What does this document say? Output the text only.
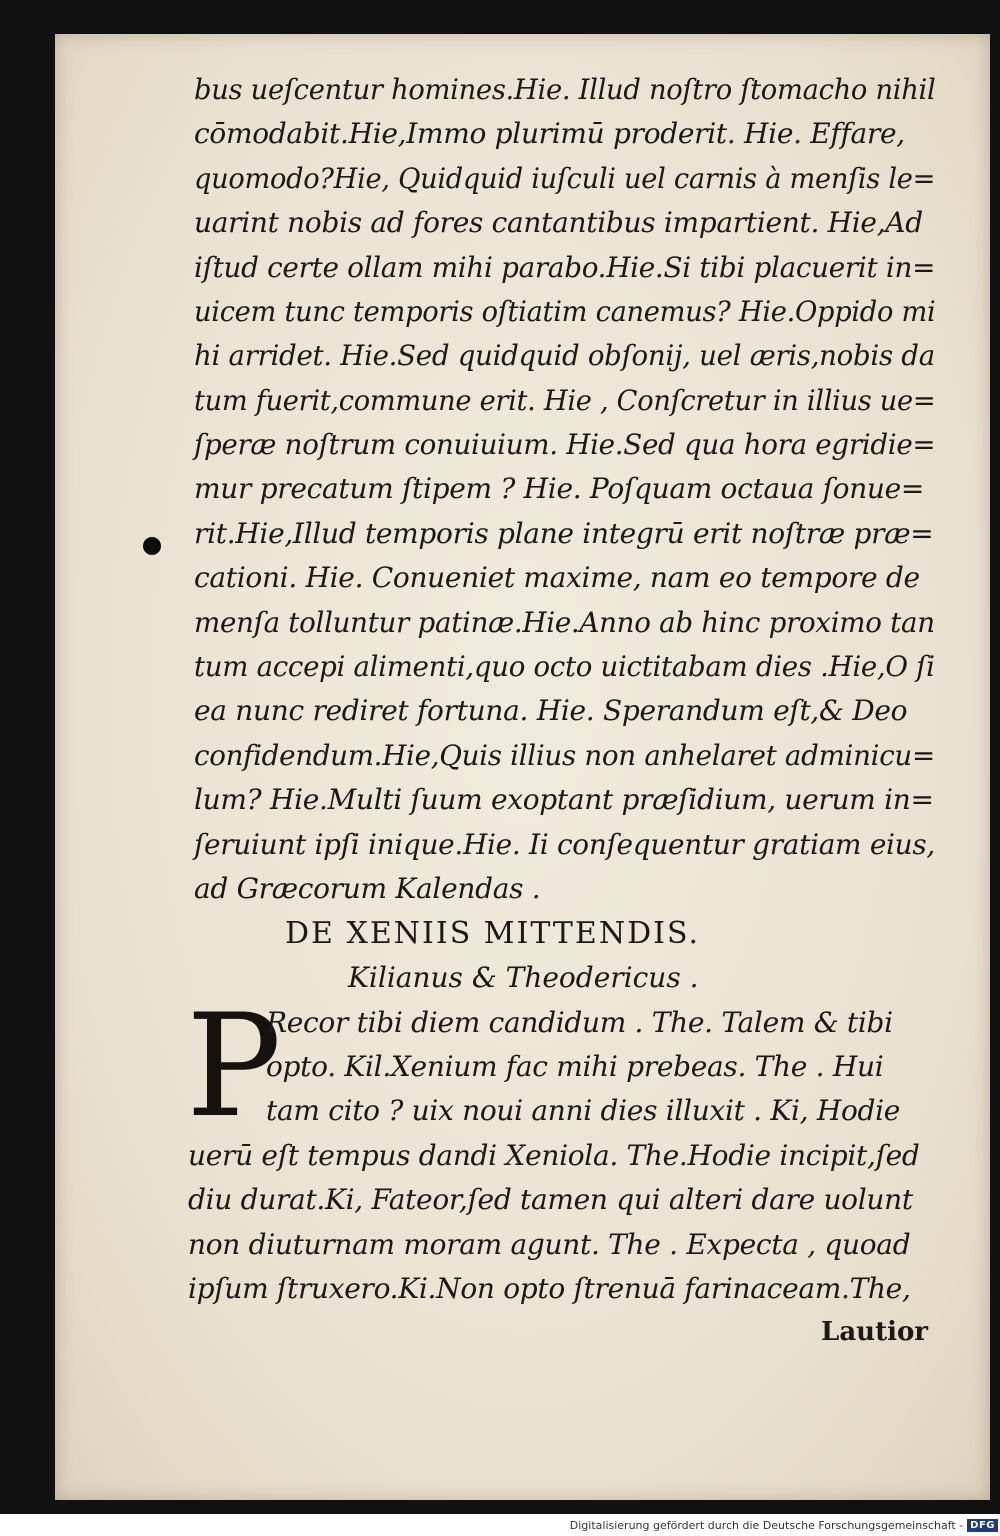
bus ueſcentur homines.Hie. Illud noſtro ſtomacho nihil
cōmodabit.Hie,Immo plurimū proderit. Hie. Effare,
quomodo?Hie, Quidquid iuſculi uel carnis à menſis le=
uarint nobis ad fores cantantibus impartient. Hie,Ad
iſtud certe ollam mihi parabo.Hie.Si tibi placuerit in=
uicem tunc temporis oſtiatim canemus? Hie.Oppido mi
hi arridet. Hie.Sed quidquid obſonij, uel æris,nobis da
tum fuerit,commune erit. Hie , Conſcretur in illius ue=
ſperæ noſtrum conuiuium. Hie.Sed qua hora egridie=
mur precatum ſtipem ? Hie. Poſquam octaua ſonue=
rit.Hie,Illud temporis plane integrū erit noſtræ præ=
cationi. Hie. Conueniet maxime, nam eo tempore de
menſa tolluntur patinæ.Hie.Anno ab hinc proximo tan
tum accepi alimenti,quo octo uictitabam dies .Hie,O ſi
ea nunc rediret fortuna. Hie. Sperandum eſt,& Deo
confidendum.Hie,Quis illius non anhelaret adminicu=
lum? Hie.Multi ſuum exoptant præſidium, uerum in=
ſeruiunt ipſi inique.Hie. Ii conſequentur gratiam eius,
ad Græcorum Kalendas .
DE XENIIS MITTENDIS.
Kilianus & Theodericus .
P
Recor tibi diem candidum . The. Talem & tibi
opto. Kil.Xenium fac mihi prebeas. The . Hui
tam cito ? uix noui anni dies illuxit . Ki, Hodie
uerū eſt tempus dandi Xeniola. The.Hodie incipit,ſed
diu durat.Ki, Fateor,ſed tamen qui alteri dare uolunt
non diuturnam moram agunt. The . Expecta , quoad
ipſum ſtruxero.Ki.Non opto ſtrenuā farinaceam.The,
Lautior
Digitalisierung gefördert durch die Deutsche Forschungsgemeinschaft - DFG
